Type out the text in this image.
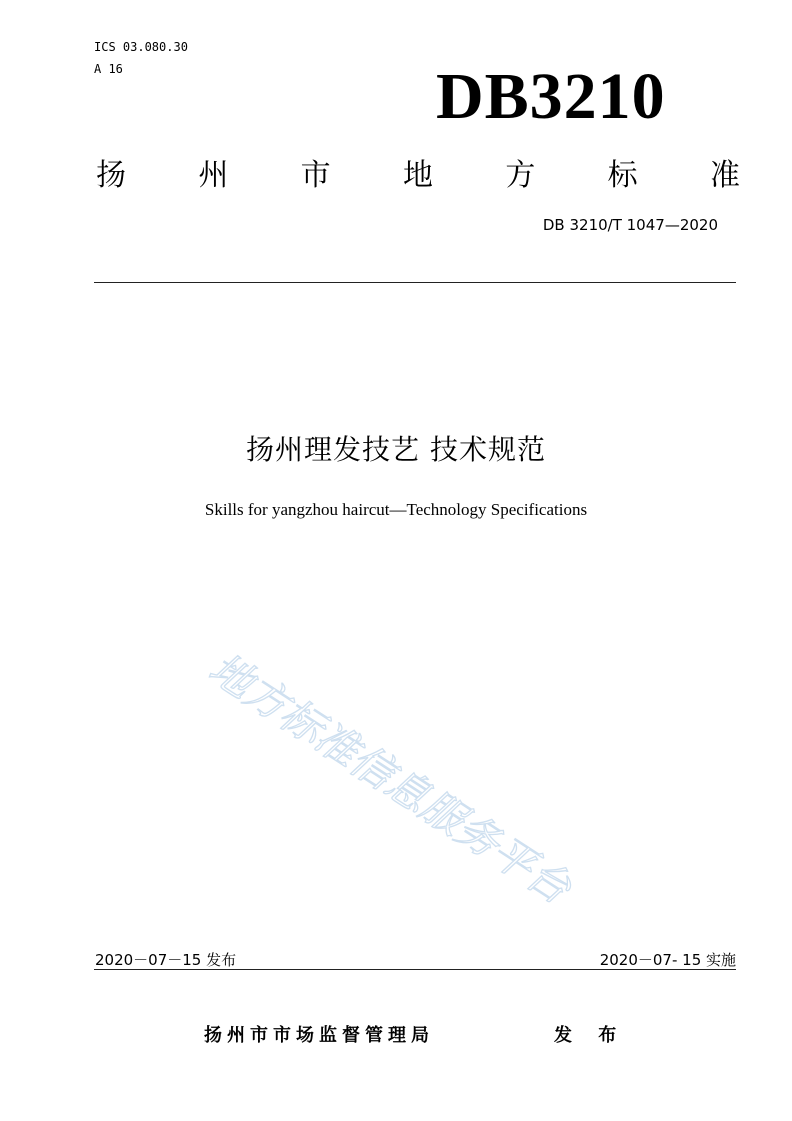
ICS 03.080.30
A 16	DB3210
扬 州 市 地 方 标 准
DB 3210/T 1047—2020
扬州理发技艺 技术规范
Skills for yangzhou haircut—Technology Specifications
地方标准信息服务平台
2020－07－15 发布	2020－07- 15 实施
扬州市市场监督管理局	发 布
